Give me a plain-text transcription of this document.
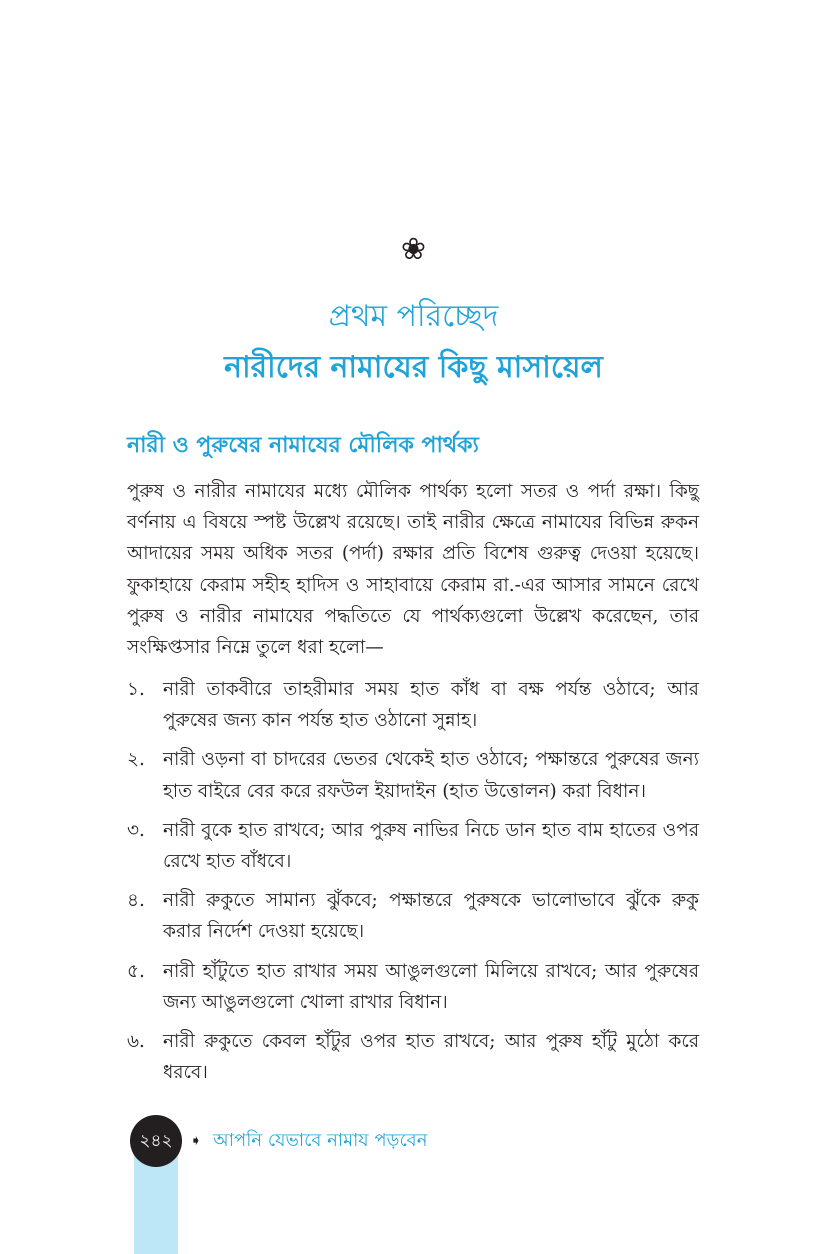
❀
প্রথম পরিচ্ছেদ
নারীদের নামাযের কিছু মাসায়েল
নারী ও পুরুষের নামাযের মৌলিক পার্থক্য
পুরুষ ও নারীর নামাযের মধ্যে মৌলিক পার্থক্য হলো সতর ও পর্দা রক্ষা। কিছু বর্ণনায় এ বিষয়ে স্পষ্ট উল্লেখ রয়েছে। তাই নারীর ক্ষেত্রে নামাযের বিভিন্ন রুকন আদায়ের সময় অধিক সতর (পর্দা) রক্ষার প্রতি বিশেষ গুরুত্ব দেওয়া হয়েছে। ফুকাহায়ে কেরাম সহীহ হাদিস ও সাহাবায়ে কেরাম রা.-এর আসার সামনে রেখে পুরুষ ও নারীর নামাযের পদ্ধতিতে যে পার্থক্যগুলো উল্লেখ করেছেন, তার সংক্ষিপ্তসার নিম্নে তুলে ধরা হলো—
১. নারী তাকবীরে তাহরীমার সময় হাত কাঁধ বা বক্ষ পর্যন্ত ওঠাবে; আর পুরুষের জন্য কান পর্যন্ত হাত ওঠানো সুন্নাহ।
২. নারী ওড়না বা চাদরের ভেতর থেকেই হাত ওঠাবে; পক্ষান্তরে পুরুষের জন্য হাত বাইরে বের করে রফউল ইয়াদাইন (হাত উত্তোলন) করা বিধান।
৩. নারী বুকে হাত রাখবে; আর পুরুষ নাভির নিচে ডান হাত বাম হাতের ওপর রেখে হাত বাঁধবে।
৪. নারী রুকুতে সামান্য ঝুঁকবে; পক্ষান্তরে পুরুষকে ভালোভাবে ঝুঁকে রুকু করার নির্দেশ দেওয়া হয়েছে।
৫. নারী হাঁটুতে হাত রাখার সময় আঙুলগুলো মিলিয়ে রাখবে; আর পুরুষের জন্য আঙুলগুলো খোলা রাখার বিধান।
৬. নারী রুকুতে কেবল হাঁটুর ওপর হাত রাখবে; আর পুরুষ হাঁটু মুঠো করে ধরবে।
২৪২	➧ আপনি যেভাবে নামায পড়বেন
